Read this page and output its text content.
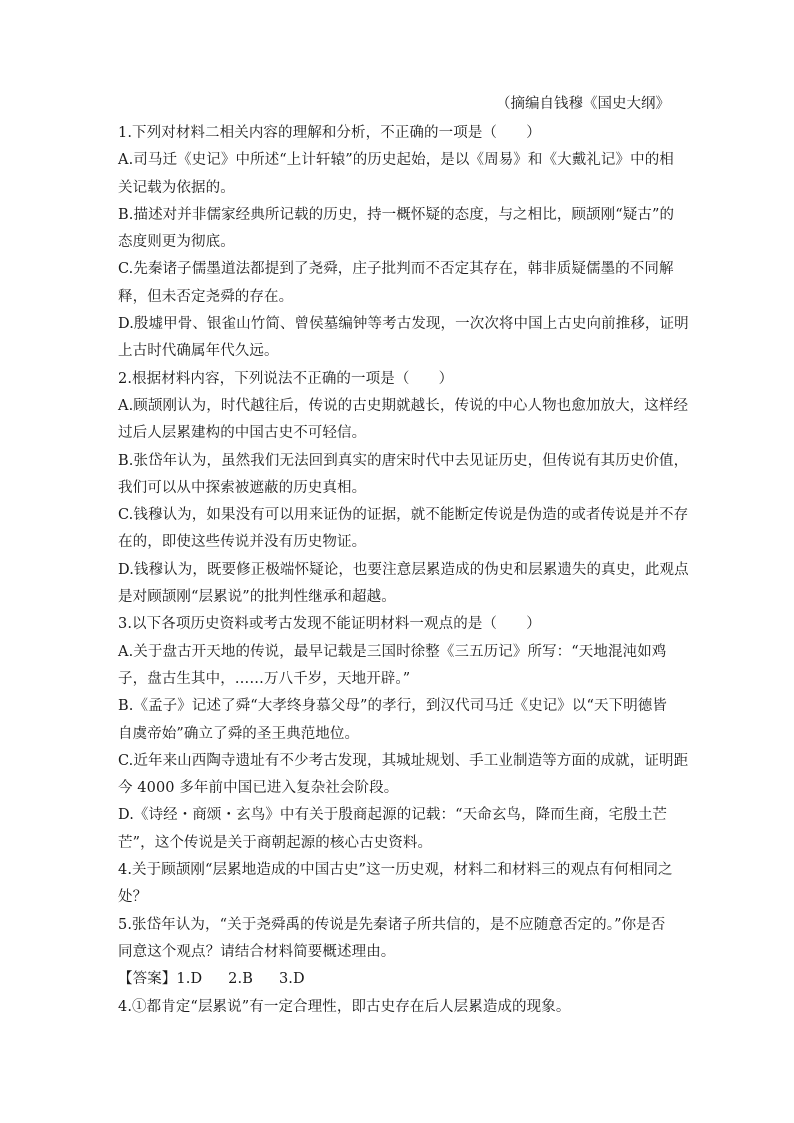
（摘编自钱穆《国史大纲》
1.下列对材料二相关内容的理解和分析，不正确的一项是（　　）
A.司马迁《史记》中所述“上计轩辕”的历史起始，是以《周易》和《大戴礼记》中的相
关记载为依据的。
B.描述对并非儒家经典所记载的历史，持一概怀疑的态度，与之相比，顾颉刚“疑古”的
态度则更为彻底。
C.先秦诸子儒墨道法都提到了尧舜，庄子批判而不否定其存在，韩非质疑儒墨的不同解
释，但未否定尧舜的存在。
D.殷墟甲骨、银雀山竹简、曾侯墓编钟等考古发现，一次次将中国上古史向前推移，证明
上古时代确属年代久远。
2.根据材料内容，下列说法不正确的一项是（　　）
A.顾颉刚认为，时代越往后，传说的古史期就越长，传说的中心人物也愈加放大，这样经
过后人层累建构的中国古史不可轻信。
B.张岱年认为，虽然我们无法回到真实的唐宋时代中去见证历史，但传说有其历史价值，
我们可以从中探索被遮蔽的历史真相。
C.钱穆认为，如果没有可以用来证伪的证据，就不能断定传说是伪造的或者传说是并不存
在的，即使这些传说并没有历史物证。
D.钱穆认为，既要修正极端怀疑论，也要注意层累造成的伪史和层累遗失的真史，此观点
是对顾颉刚“层累说”的批判性继承和超越。
3.以下各项历史资料或考古发现不能证明材料一观点的是（　　）
A.关于盘古开天地的传说，最早记载是三国时徐整《三五历记》所写：“天地混沌如鸡
子，盘古生其中，……万八千岁，天地开辟。”
B.《孟子》记述了舜“大孝终身慕父母”的孝行，到汉代司马迁《史记》以“天下明德皆
自虞帝始”确立了舜的圣王典范地位。
C.近年来山西陶寺遗址有不少考古发现，其城址规划、手工业制造等方面的成就，证明距
今 4000 多年前中国已进入复杂社会阶段。
D.《诗经・商颂・玄鸟》中有关于殷商起源的记载：“天命玄鸟，降而生商，宅殷土芒
芒”，这个传说是关于商朝起源的核心古史资料。
4.关于顾颉刚“层累地造成的中国古史”这一历史观，材料二和材料三的观点有何相同之
处？
5.张岱年认为，“关于尧舜禹的传说是先秦诸子所共信的，是不应随意否定的。”你是否
同意这个观点？请结合材料简要概述理由。
【答案】1.D 2.B 3.D
4.①都肯定“层累说”有一定合理性，即古史存在后人层累造成的现象。
